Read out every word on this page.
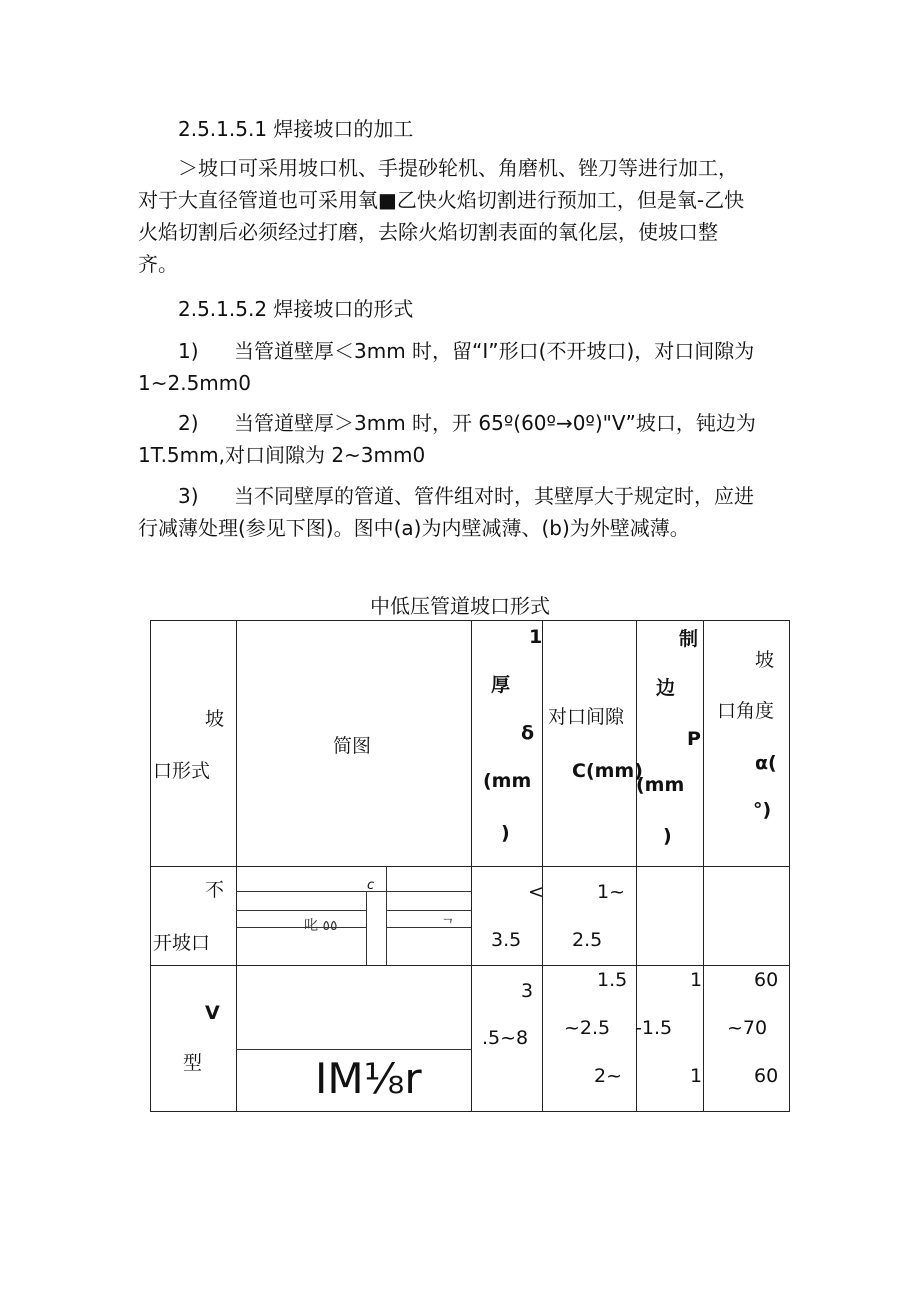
2.5.1.5.1 焊接坡口的加工

＞坡口可采用坡口机、手提砂轮机、角磨机、锉刀等进行加工，

对于大直径管道也可采用氧■乙快火焰切割进行预加工，但是氧-乙快

火焰切割后必须经过打磨，去除火焰切割表面的氧化层，使坡口整

齐。

2.5.1.5.2 焊接坡口的形式

1) 当管道壁厚＜3mm 时，留“I”形口(不开坡口)，对口间隙为

1~2.5mm0

2) 当管道壁厚＞3mm 时，开 65º(60º→0º)"V”坡口，钝边为

1T.5mm,对口间隙为 2~3mm0

3) 当不同壁厚的管道、管件组对时，其壁厚大于规定时，应进

行减薄处理(参见下图)。图中(a)为内壁减薄、(b)为外壁减薄。

中低压管道坡口形式
坡
口形式
简图
1
厚
δ
(mm
)
对口间隙
C(mm)
制
边
P
(mm
)
坡
口角度
α(
°)
不
开坡口
c
叱 ٥٥	ᄀ
<
3.5
1~
2.5
V
型	IM⅛r
3
.5~8
1.5
~2.5
2~
1
-1.5
1
60
~70
60
